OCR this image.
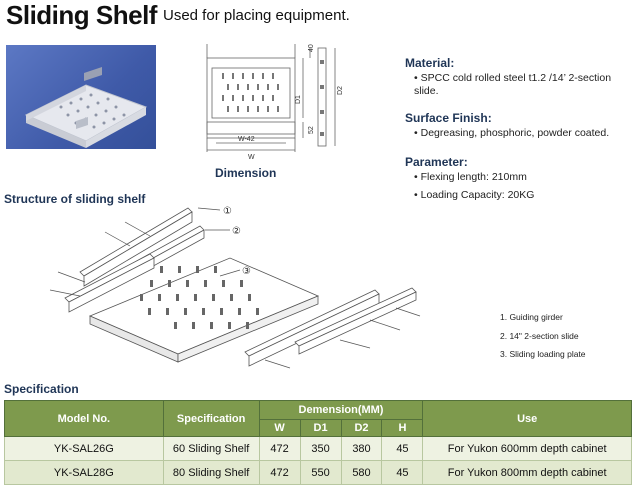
Sliding Shelf Used for placing equipment.
40
D2
D1
52
W-42
W
Dimension
Material:
• SPCC cold rolled steel t1.2 /14’ 2-section slide.
Surface Finish:
• Degreasing, phosphoric, powder coated.
Parameter:
• Flexing length: 210mm
• Loading Capacity: 20KG
Structure of sliding shelf
①
②
③
1. Guiding girder
2. 14" 2-section slide
3. Sliding loading plate
Specification
Model No.	Specification	Demension(MM)				Use
		W	D1	D2	H	
YK-SAL26G	60 Sliding Shelf	472	350	380	45	For Yukon 600mm depth cabinet
YK-SAL28G	80 Sliding Shelf	472	550	580	45	For Yukon 800mm depth cabinet
